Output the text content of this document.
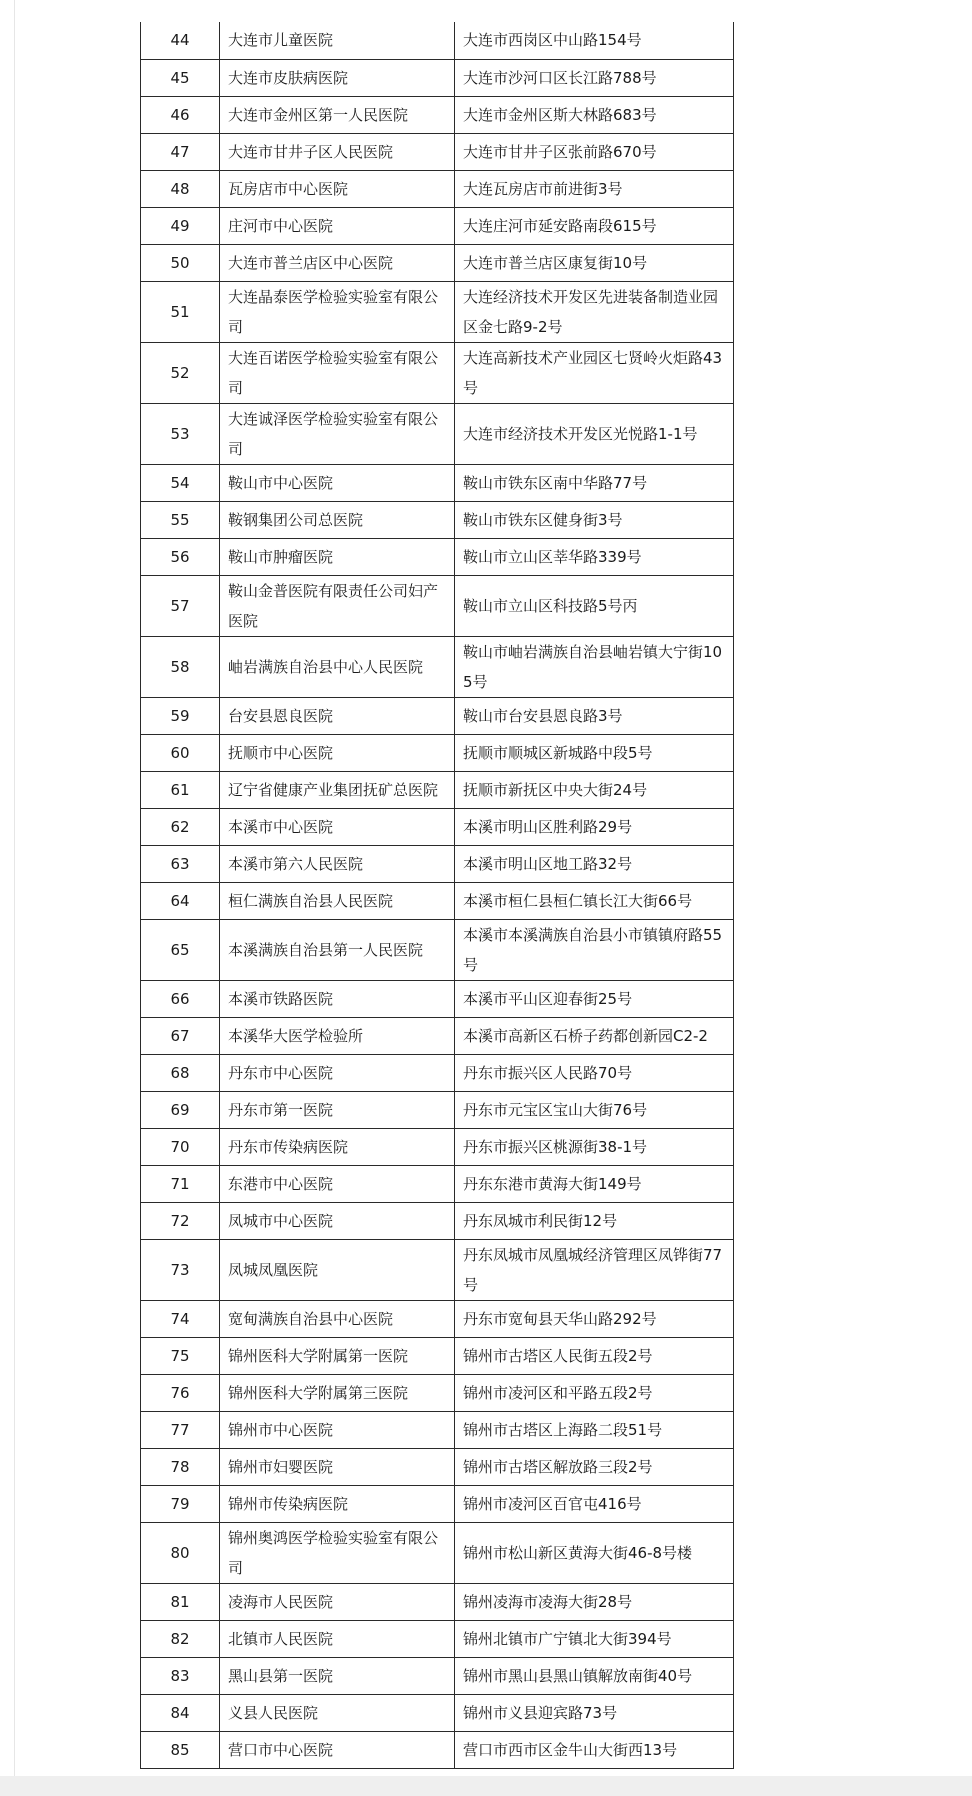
44	大连市儿童医院	大连市西岗区中山路154号
45	大连市皮肤病医院	大连市沙河口区长江路788号
46	大连市金州区第一人民医院	大连市金州区斯大林路683号
47	大连市甘井子区人民医院	大连市甘井子区张前路670号
48	瓦房店市中心医院	大连瓦房店市前进街3号
49	庄河市中心医院	大连庄河市延安路南段615号
50	大连市普兰店区中心医院	大连市普兰店区康复街10号
51	大连晶泰医学检验实验室有限公司	大连经济技术开发区先进装备制造业园区金七路9-2号
52	大连百诺医学检验实验室有限公司	大连高新技术产业园区七贤岭火炬路43号
53	大连诚泽医学检验实验室有限公司	大连市经济技术开发区光悦路1-1号
54	鞍山市中心医院	鞍山市铁东区南中华路77号
55	鞍钢集团公司总医院	鞍山市铁东区健身街3号
56	鞍山市肿瘤医院	鞍山市立山区莘华路339号
57	鞍山金普医院有限责任公司妇产医院	鞍山市立山区科技路5号丙
58	岫岩满族自治县中心人民医院	鞍山市岫岩满族自治县岫岩镇大宁街105号
59	台安县恩良医院	鞍山市台安县恩良路3号
60	抚顺市中心医院	抚顺市顺城区新城路中段5号
61	辽宁省健康产业集团抚矿总医院	抚顺市新抚区中央大街24号
62	本溪市中心医院	本溪市明山区胜利路29号
63	本溪市第六人民医院	本溪市明山区地工路32号
64	桓仁满族自治县人民医院	本溪市桓仁县桓仁镇长江大街66号
65	本溪满族自治县第一人民医院	本溪市本溪满族自治县小市镇镇府路55号
66	本溪市铁路医院	本溪市平山区迎春街25号
67	本溪华大医学检验所	本溪市高新区石桥子药都创新园C2-2
68	丹东市中心医院	丹东市振兴区人民路70号
69	丹东市第一医院	丹东市元宝区宝山大街76号
70	丹东市传染病医院	丹东市振兴区桃源街38-1号
71	东港市中心医院	丹东东港市黄海大街149号
72	凤城市中心医院	丹东凤城市利民街12号
73	凤城凤凰医院	丹东凤城市凤凰城经济管理区凤铧街77号
74	宽甸满族自治县中心医院	丹东市宽甸县天华山路292号
75	锦州医科大学附属第一医院	锦州市古塔区人民街五段2号
76	锦州医科大学附属第三医院	锦州市凌河区和平路五段2号
77	锦州市中心医院	锦州市古塔区上海路二段51号
78	锦州市妇婴医院	锦州市古塔区解放路三段2号
79	锦州市传染病医院	锦州市凌河区百官屯416号
80	锦州奥鸿医学检验实验室有限公司	锦州市松山新区黄海大街46-8号楼
81	凌海市人民医院	锦州凌海市凌海大街28号
82	北镇市人民医院	锦州北镇市广宁镇北大街394号
83	黑山县第一医院	锦州市黑山县黑山镇解放南街40号
84	义县人民医院	锦州市义县迎宾路73号
85	营口市中心医院	营口市西市区金牛山大街西13号
